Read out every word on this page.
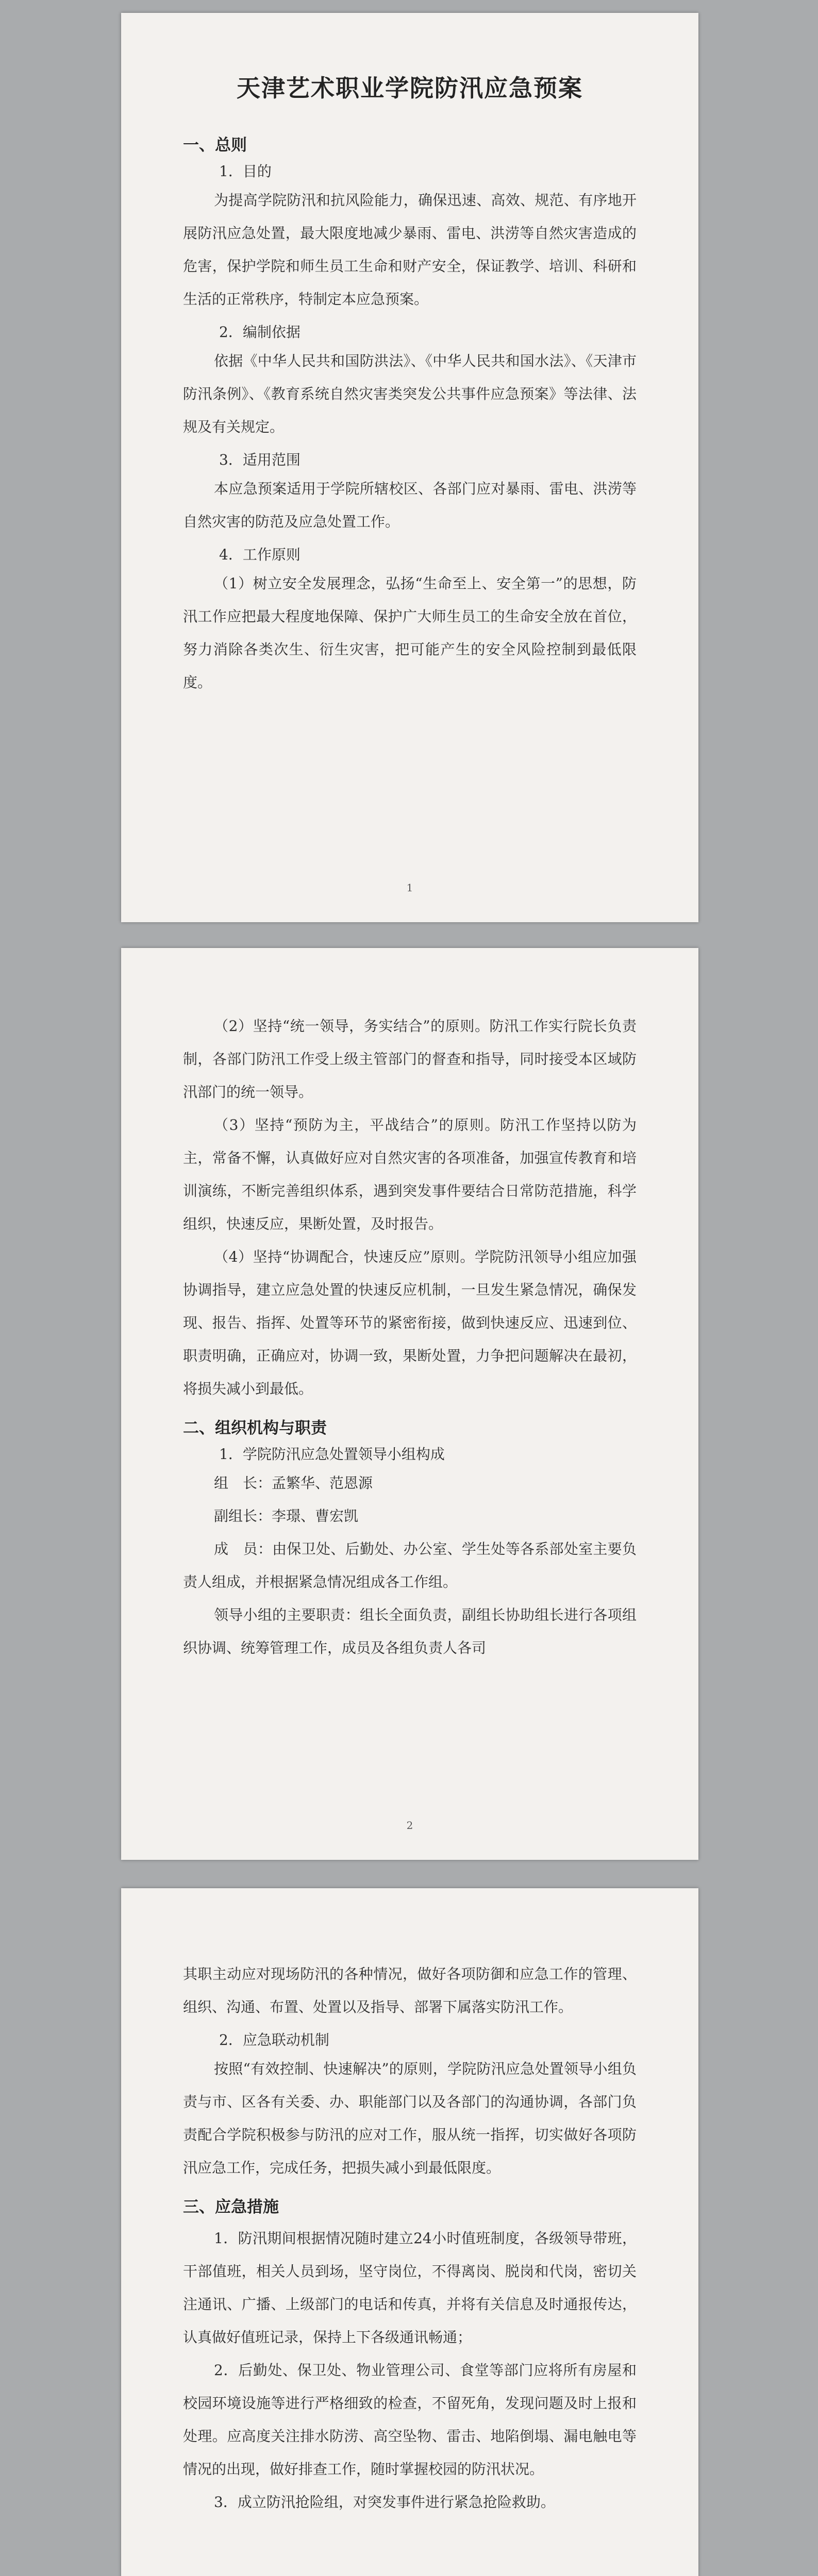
天津艺术职业学院防汛应急预案
一、总则
1．目的

为提高学院防汛和抗风险能力，确保迅速、高效、规范、有序地开展防汛应急处置，最大限度地减少暴雨、雷电、洪涝等自然灾害造成的危害，保护学院和师生员工生命和财产安全，保证教学、培训、科研和生活的正常秩序，特制定本应急预案。

2．编制依据

依据《中华人民共和国防洪法》、《中华人民共和国水法》、《天津市防汛条例》、《教育系统自然灾害类突发公共事件应急预案》等法律、法规及有关规定。

3．适用范围

本应急预案适用于学院所辖校区、各部门应对暴雨、雷电、洪涝等自然灾害的防范及应急处置工作。

4．工作原则

（1）树立安全发展理念，弘扬“生命至上、安全第一”的思想，防汛工作应把最大程度地保障、保护广大师生员工的生命安全放在首位，努力消除各类次生、衍生灾害，把可能产生的安全风险控制到最低限度。

1

（2）坚持“统一领导，务实结合”的原则。防汛工作实行院长负责制，各部门防汛工作受上级主管部门的督查和指导，同时接受本区域防汛部门的统一领导。

（3）坚持“预防为主，平战结合”的原则。防汛工作坚持以防为主，常备不懈，认真做好应对自然灾害的各项准备，加强宣传教育和培训演练，不断完善组织体系，遇到突发事件要结合日常防范措施，科学组织，快速反应，果断处置，及时报告。

（4）坚持“协调配合，快速反应”原则。学院防汛领导小组应加强协调指导，建立应急处置的快速反应机制，一旦发生紧急情况，确保发现、报告、指挥、处置等环节的紧密衔接，做到快速反应、迅速到位、职责明确，正确应对，协调一致，果断处置，力争把问题解决在最初，将损失减小到最低。

二、组织机构与职责
1．学院防汛应急处置领导小组构成
组　长：孟繁华、范恩源
副组长：李璟、曹宏凯

成　员：由保卫处、后勤处、办公室、学生处等各系部处室主要负责人组成，并根据紧急情况组成各工作组。

领导小组的主要职责：组长全面负责，副组长协助组长进行各项组织协调、统筹管理工作，成员及各组负责人各司

2

其职主动应对现场防汛的各种情况，做好各项防御和应急工作的管理、组织、沟通、布置、处置以及指导、部署下属落实防汛工作。

2．应急联动机制

按照“有效控制、快速解决”的原则，学院防汛应急处置领导小组负责与市、区各有关委、办、职能部门以及各部门的沟通协调，各部门负责配合学院积极参与防汛的应对工作，服从统一指挥，切实做好各项防汛应急工作，完成任务，把损失减小到最低限度。

三、应急措施

1．防汛期间根据情况随时建立24小时值班制度，各级领导带班，干部值班，相关人员到场，坚守岗位，不得离岗、脱岗和代岗，密切关注通讯、广播、上级部门的电话和传真，并将有关信息及时通报传达，认真做好值班记录，保持上下各级通讯畅通；

2．后勤处、保卫处、物业管理公司、食堂等部门应将所有房屋和校园环境设施等进行严格细致的检查，不留死角，发现问题及时上报和处理。应高度关注排水防涝、高空坠物、雷击、地陷倒塌、漏电触电等情况的出现，做好排查工作，随时掌握校园的防汛状况。

3．成立防汛抢险组，对突发事件进行紧急抢险救助。
